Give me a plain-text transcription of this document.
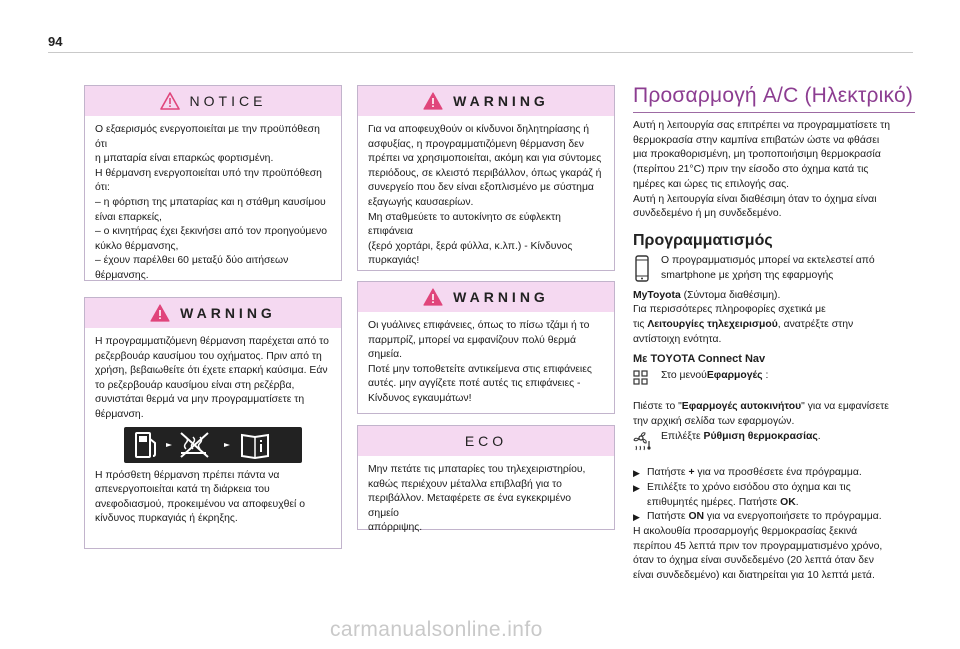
94
NOTICE

Ο εξαερισμός ενεργοποιείται με την προϋπόθεση ότι

η μπαταρία είναι επαρκώς φορτισμένη.

Η θέρμανση ενεργοποιείται υπό την προϋπόθεση

ότι:

– η φόρτιση της μπαταρίας και η στάθμη καυσίμου

είναι επαρκείς,

– ο κινητήρας έχει ξεκινήσει από τον προηγούμενο

κύκλο θέρμανσης,

– έχουν παρέλθει 60 μεταξύ δύο αιτήσεων

θέρμανσης.

WARNING

Η προγραμματιζόμενη θέρμανση παρέχεται από το

ρεζερβουάρ καυσίμου του οχήματος. Πριν από τη

χρήση, βεβαιωθείτε ότι έχετε επαρκή καύσιμα. Εάν

το ρεζερβουάρ καυσίμου είναι στη ρεζέρβα,

συνιστάται θερμά να μην προγραμματίσετε τη

θέρμανση.

Η πρόσθετη θέρμανση πρέπει πάντα να

απενεργοποιείται κατά τη διάρκεια του

ανεφοδιασμού, προκειμένου να αποφευχθεί ο

κίνδυνος πυρκαγιάς ή έκρηξης.

WARNING

Για να αποφευχθούν οι κίνδυνοι δηλητηρίασης ή

ασφυξίας, η προγραμματιζόμενη θέρμανση δεν

πρέπει να χρησιμοποιείται, ακόμη και για σύντομες

περιόδους, σε κλειστό περιβάλλον, όπως γκαράζ ή

συνεργείο που δεν είναι εξοπλισμένο με σύστημα

εξαγωγής καυσαερίων.

Μη σταθμεύετε το αυτοκίνητο σε εύφλεκτη επιφάνεια

(ξερό χορτάρι, ξερά φύλλα, κ.λπ.) - Κίνδυνος

πυρκαγιάς!

WARNING

Οι γυάλινες επιφάνειες, όπως το πίσω τζάμι ή το

παρμπρίζ, μπορεί να εμφανίζουν πολύ θερμά

σημεία.

Ποτέ μην τοποθετείτε αντικείμενα στις επιφάνειες

αυτές. μην αγγίζετε ποτέ αυτές τις επιφάνειες -

Κίνδυνος εγκαυμάτων!

ECO

Μην πετάτε τις μπαταρίες του τηλεχειριστηρίου,

καθώς περιέχουν μέταλλα επιβλαβή για το

περιβάλλον. Μεταφέρετε σε ένα εγκεκριμένο σημείο

απόρριψης.

Προσαρμογή A/C (Ηλεκτρικό)

Αυτή η λειτουργία σας επιτρέπει να προγραμματίσετε τη

θερμοκρασία στην καμπίνα επιβατών ώστε να φθάσει

μια προκαθορισμένη, μη τροποποιήσιμη θερμοκρασία

(περίπου 21°C) πριν την είσοδο στο όχημα κατά τις

ημέρες και ώρες τις επιλογής σας.

Αυτή η λειτουργία είναι διαθέσιμη όταν το όχημα είναι

συνδεδεμένο ή μη συνδεδεμένο.

Προγραμματισμός

Ο προγραμματισμός μπορεί να εκτελεστεί από

smartphone με χρήση της εφαρμογής

MyToyota (Σύντομα διαθέσιμη).

Για περισσότερες πληροφορίες σχετικά με

τις Λειτουργίες τηλεχειρισμού, ανατρέξτε στην

αντίστοιχη ενότητα.

Με TOYOTA Connect Nav

Στο μενούΕφαρμογές :

Πιέστε το "Εφαρμογές αυτοκινήτου" για να εμφανίσετε

την αρχική σελίδα των εφαρμογών.

Επιλέξτε Ρύθμιση θερμοκρασίας.

▶ Πατήστε + για να προσθέσετε ένα πρόγραμμα.

▶ Επιλέξτε το χρόνο εισόδου στο όχημα και τις

επιθυμητές ημέρες. Πατήστε OK.

▶ Πατήστε ON για να ενεργοποιήσετε το πρόγραμμα.

Η ακολουθία προσαρμογής θερμοκρασίας ξεκινά

περίπου 45 λεπτά πριν τον προγραμματισμένο χρόνο,

όταν το όχημα είναι συνδεδεμένο (20 λεπτά όταν δεν

είναι συνδεδεμένο) και διατηρείται για 10 λεπτά μετά.

carmanualsonline.info
